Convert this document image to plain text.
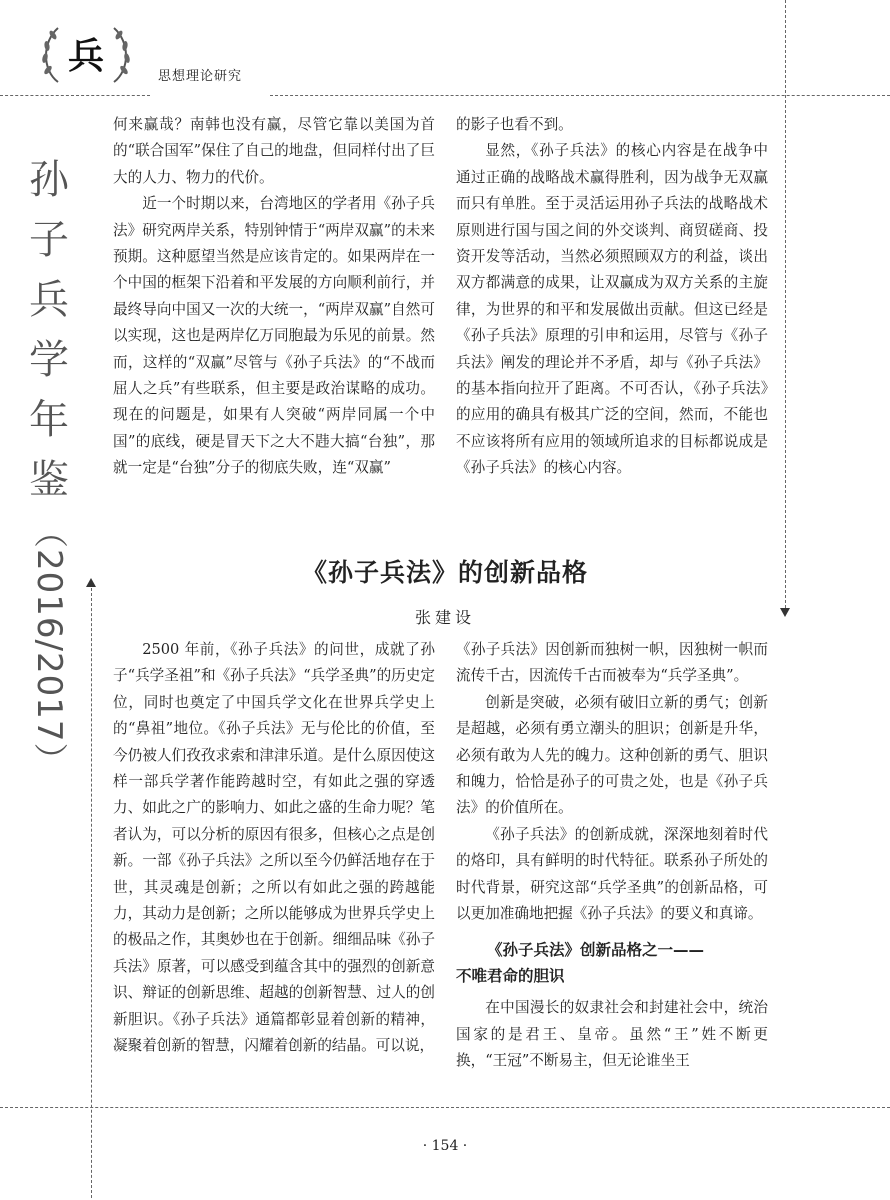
兵	思想理论研究
孙
子
兵
学
年
鉴
（2016/2017）

何来赢哉？南韩也没有赢，尽管它靠以美国为首的“联合国军”保住了自己的地盘，但同样付出了巨大的人力、物力的代价。

近一个时期以来，台湾地区的学者用《孙子兵法》研究两岸关系，特别钟情于“两岸双赢”的未来预期。这种愿望当然是应该肯定的。如果两岸在一个中国的框架下沿着和平发展的方向顺利前行，并最终导向中国又一次的大统一，“两岸双赢”自然可以实现，这也是两岸亿万同胞最为乐见的前景。然而，这样的“双赢”尽管与《孙子兵法》的“不战而屈人之兵”有些联系，但主要是政治谋略的成功。现在的问题是，如果有人突破“两岸同属一个中国”的底线，硬是冒天下之大不韪大搞“台独”，那就一定是“台独”分子的彻底失败，连“双赢”

的影子也看不到。

显然，《孙子兵法》的核心内容是在战争中通过正确的战略战术赢得胜利，因为战争无双赢而只有单胜。至于灵活运用孙子兵法的战略战术原则进行国与国之间的外交谈判、商贸磋商、投资开发等活动，当然必须照顾双方的利益，谈出双方都满意的成果，让双赢成为双方关系的主旋律，为世界的和平和发展做出贡献。但这已经是《孙子兵法》原理的引申和运用，尽管与《孙子兵法》阐发的理论并不矛盾，却与《孙子兵法》的基本指向拉开了距离。不可否认，《孙子兵法》的应用的确具有极其广泛的空间，然而，不能也不应该将所有应用的领域所追求的目标都说成是《孙子兵法》的核心内容。

《孙子兵法》的创新品格
张建设

2500 年前，《孙子兵法》的问世，成就了孙子“兵学圣祖”和《孙子兵法》“兵学圣典”的历史定位，同时也奠定了中国兵学文化在世界兵学史上的“鼻祖”地位。《孙子兵法》无与伦比的价值，至今仍被人们孜孜求索和津津乐道。是什么原因使这样一部兵学著作能跨越时空，有如此之强的穿透力、如此之广的影响力、如此之盛的生命力呢？笔者认为，可以分析的原因有很多，但核心之点是创新。一部《孙子兵法》之所以至今仍鲜活地存在于世，其灵魂是创新；之所以有如此之强的跨越能力，其动力是创新；之所以能够成为世界兵学史上的极品之作，其奥妙也在于创新。细细品味《孙子兵法》原著，可以感受到蕴含其中的强烈的创新意识、辩证的创新思维、超越的创新智慧、过人的创新胆识。《孙子兵法》通篇都彰显着创新的精神，凝聚着创新的智慧，闪耀着创新的结晶。可以说，

《孙子兵法》因创新而独树一帜，因独树一帜而流传千古，因流传千古而被奉为“兵学圣典”。

创新是突破，必须有破旧立新的勇气；创新是超越，必须有勇立潮头的胆识；创新是升华，必须有敢为人先的魄力。这种创新的勇气、胆识和魄力，恰恰是孙子的可贵之处，也是《孙子兵法》的价值所在。

《孙子兵法》的创新成就，深深地刻着时代的烙印，具有鲜明的时代特征。联系孙子所处的时代背景，研究这部“兵学圣典”的创新品格，可以更加准确地把握《孙子兵法》的要义和真谛。

《孙子兵法》创新品格之一——
不唯君命的胆识

在中国漫长的奴隶社会和封建社会中，统治国家的是君王、皇帝。虽然“王”姓不断更换，“王冠”不断易主，但无论谁坐王

· 154 ·
